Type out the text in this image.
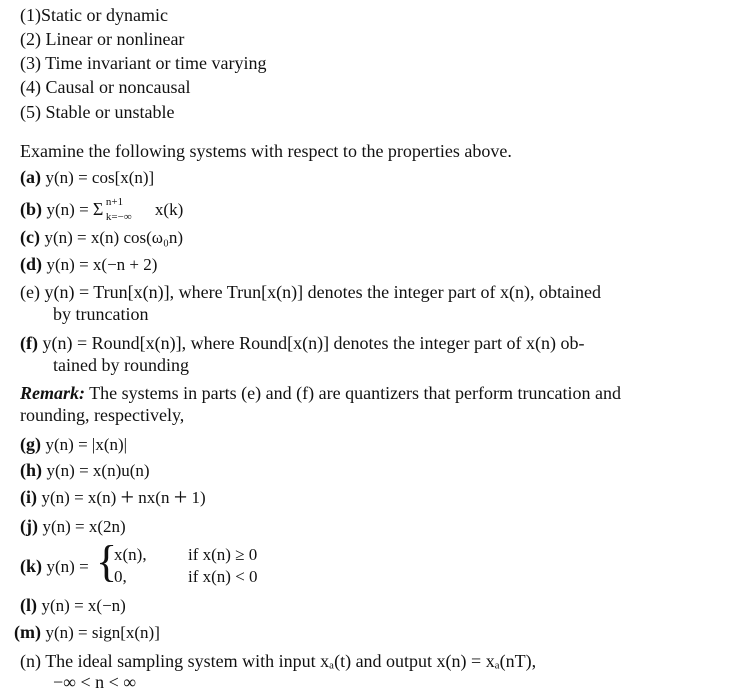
(1)Static or dynamic
(2) Linear or nonlinear
(3) Time invariant or time varying
(4) Causal or noncausal
(5) Stable or unstable
Examine the following systems with respect to the properties above.
(a) y(n) = cos[x(n)]
(b) y(n) = Σ n+1
k=−∞ x(k)
(c) y(n) = x(n) cos(ω₀n)
(d) y(n) = x(−n + 2)
(e) y(n) = Trun[x(n)], where Trun[x(n)] denotes the integer part of x(n), obtained
by truncation
(f) y(n) = Round[x(n)], where Round[x(n)] denotes the integer part of x(n) ob-
tained by rounding
Remark: The systems in parts (e) and (f) are quantizers that perform truncation and
rounding, respectively,
(g) y(n) = |x(n)|
(h) y(n) = x(n)u(n)
(i) y(n) = x(n) + nx(n + 1)
(j) y(n) = x(2n)
(k) y(n) = {
x(n), if x(n) ≥ 0
0,	if x(n) < 0
(l) y(n) = x(−n)
(m) y(n) = sign[x(n)]
(n) The ideal sampling system with input xₐ(t) and output x(n) = xₐ(nT),
−∞ < n < ∞
